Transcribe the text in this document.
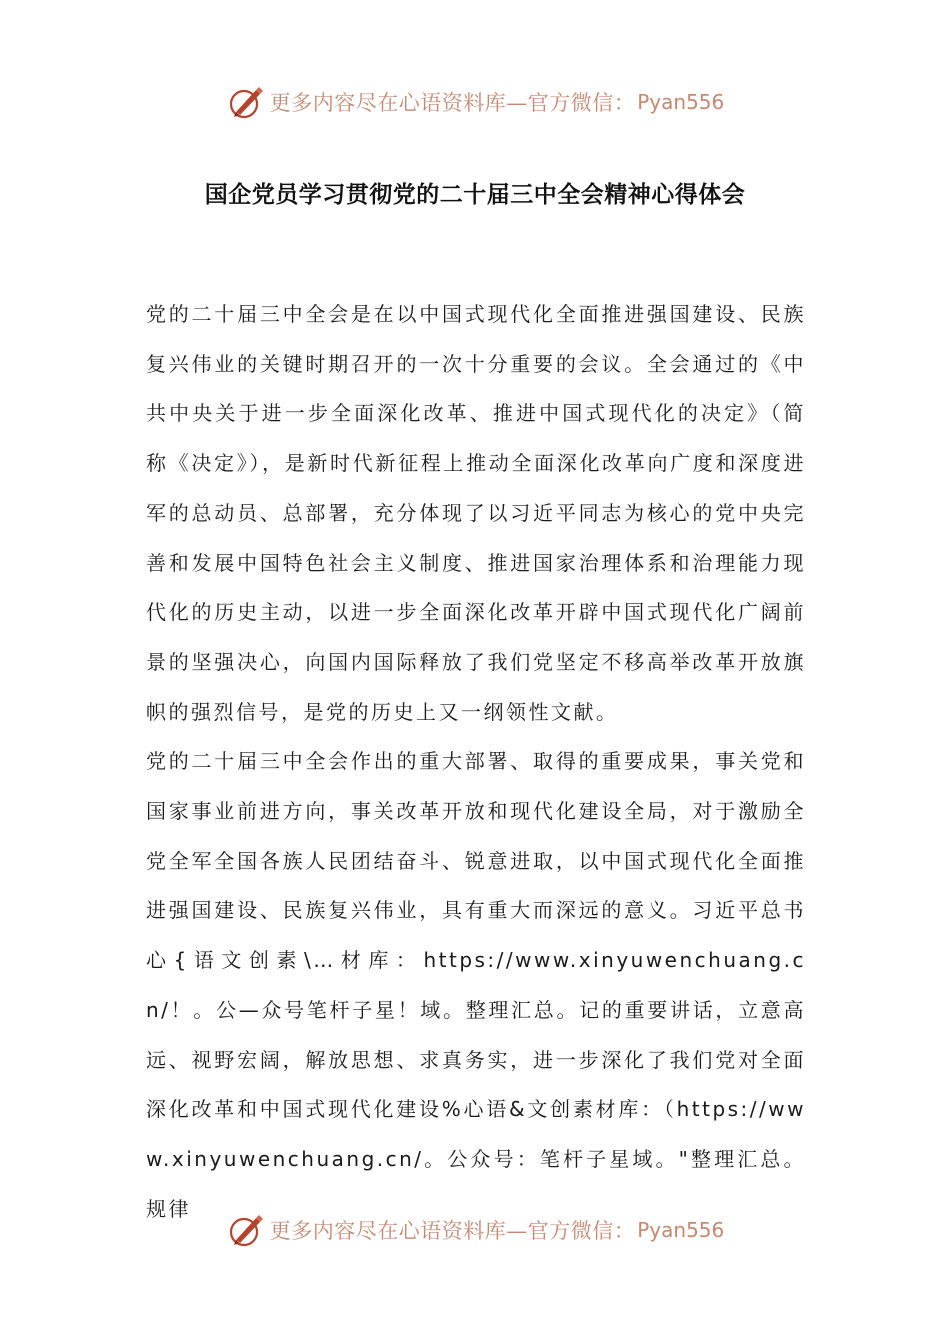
更多内容尽在心语资料库—官方微信： Pyan556
国企党员学习贯彻党的二十届三中全会精神心得体会

党的二十届三中全会是在以中国式现代化全面推进强国建设、民族复兴伟业的关键时期召开的一次十分重要的会议。全会通过的《中共中央关于进一步全面深化改革、推进中国式现代化的决定》（简称《决定》），是新时代新征程上推动全面深化改革向广度和深度进军的总动员、总部署，充分体现了以习近平同志为核心的党中央完善和发展中国特色社会主义制度、推进国家治理体系和治理能力现代化的历史主动，以进一步全面深化改革开辟中国式现代化广阔前景的坚强决心，向国内国际释放了我们党坚定不移高举改革开放旗帜的强烈信号，是党的历史上又一纲领性文献。

党的二十届三中全会作出的重大部署、取得的重要成果，事关党和国家事业前进方向，事关改革开放和现代化建设全局，对于激励全党全军全国各族人民团结奋斗、锐意进取，以中国式现代化全面推进强国建设、民族复兴伟业，具有重大而深远的意义。习近平总书心{语文创素\…材库：https://www.xinyuwenchuang.cn/！。公—众号笔杆子星！域。整理汇总。记的重要讲话，立意高远、视野宏阔，解放思想、求真务实，进一步深化了我们党对全面深化改革和中国式现代化建设%心语&文创素材库：（https://www.xinyuwenchuang.cn/。公众号：笔杆子星域。"整理汇总。规律

更多内容尽在心语资料库—官方微信： Pyan556
